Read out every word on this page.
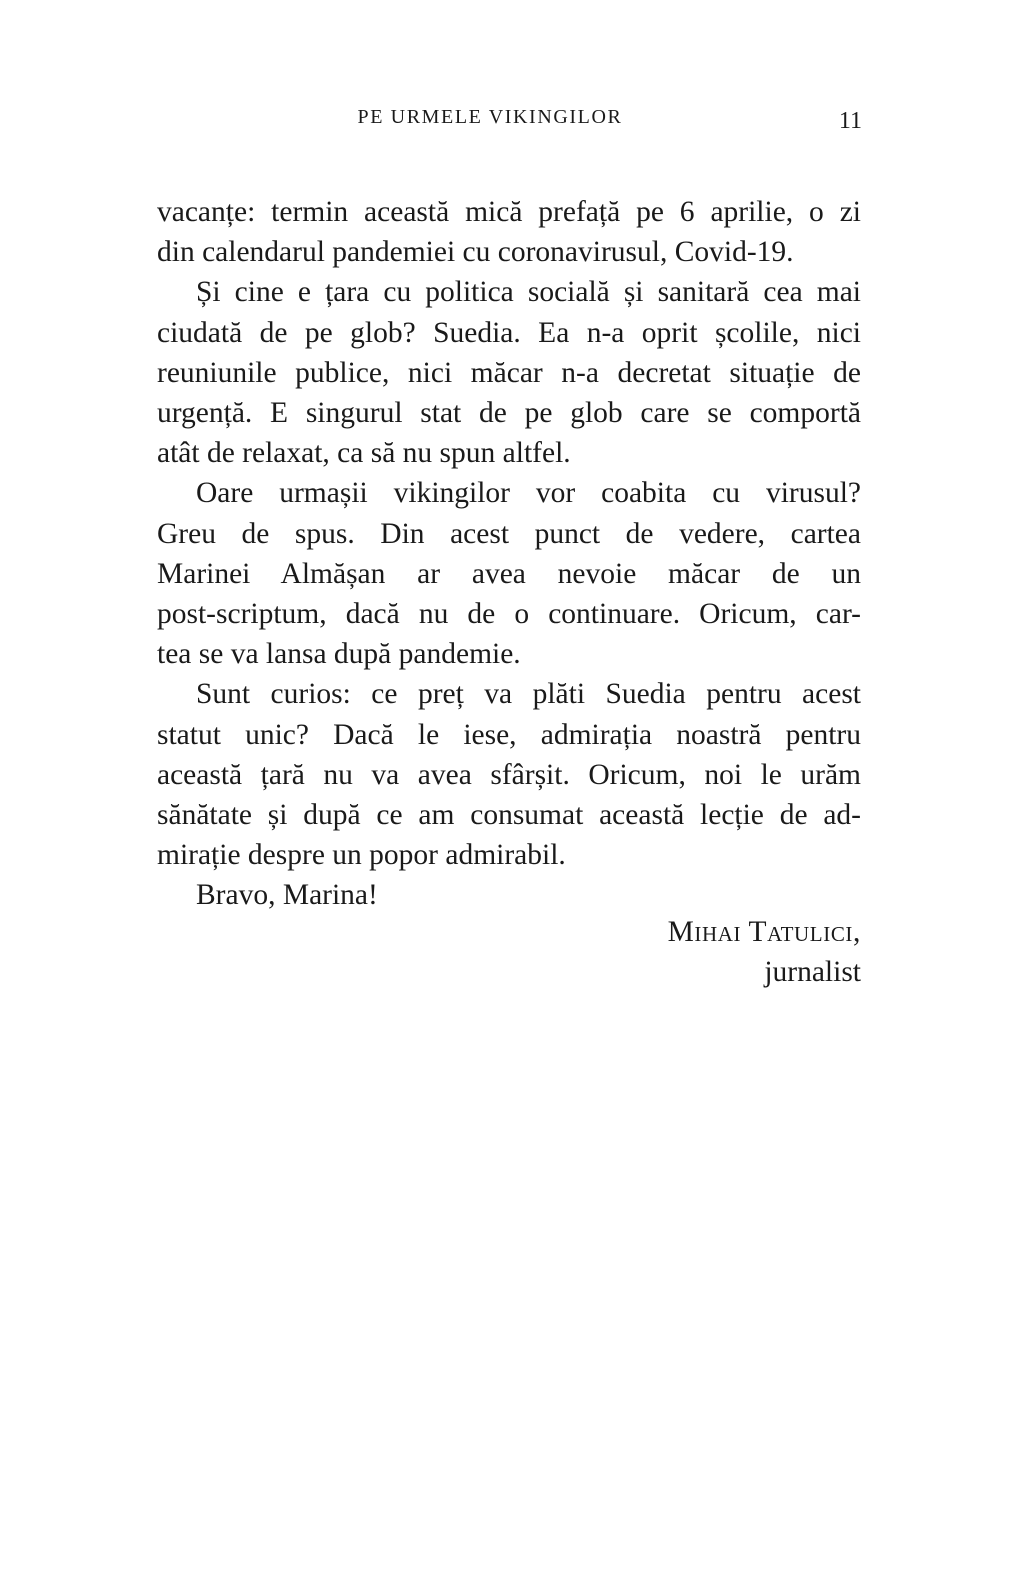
PE URMELE VIKINGILOR	11
vacanțe: termin această mică prefață pe 6 aprilie, o zi
din calendarul pandemiei cu coronavirusul, Covid-19.
Și cine e țara cu politica socială și sanitară cea mai
ciudată de pe glob? Suedia. Ea n-a oprit școlile, nici
reuniunile publice, nici măcar n-a decretat situație de
urgență. E singurul stat de pe glob care se comportă
atât de relaxat, ca să nu spun altfel.
Oare urmașii vikingilor vor coabita cu virusul?
Greu de spus. Din acest punct de vedere, cartea
Marinei Almășan ar avea nevoie măcar de un
post-scriptum, dacă nu de o continuare. Oricum, car-
tea se va lansa după pandemie.
Sunt curios: ce preț va plăti Suedia pentru acest
statut unic? Dacă le iese, admirația noastră pentru
această țară nu va avea sfârșit. Oricum, noi le urăm
sănătate și după ce am consumat această lecție de ad-
mirație despre un popor admirabil.
Bravo, Marina!
Mihai Tatulici,
jurnalist
